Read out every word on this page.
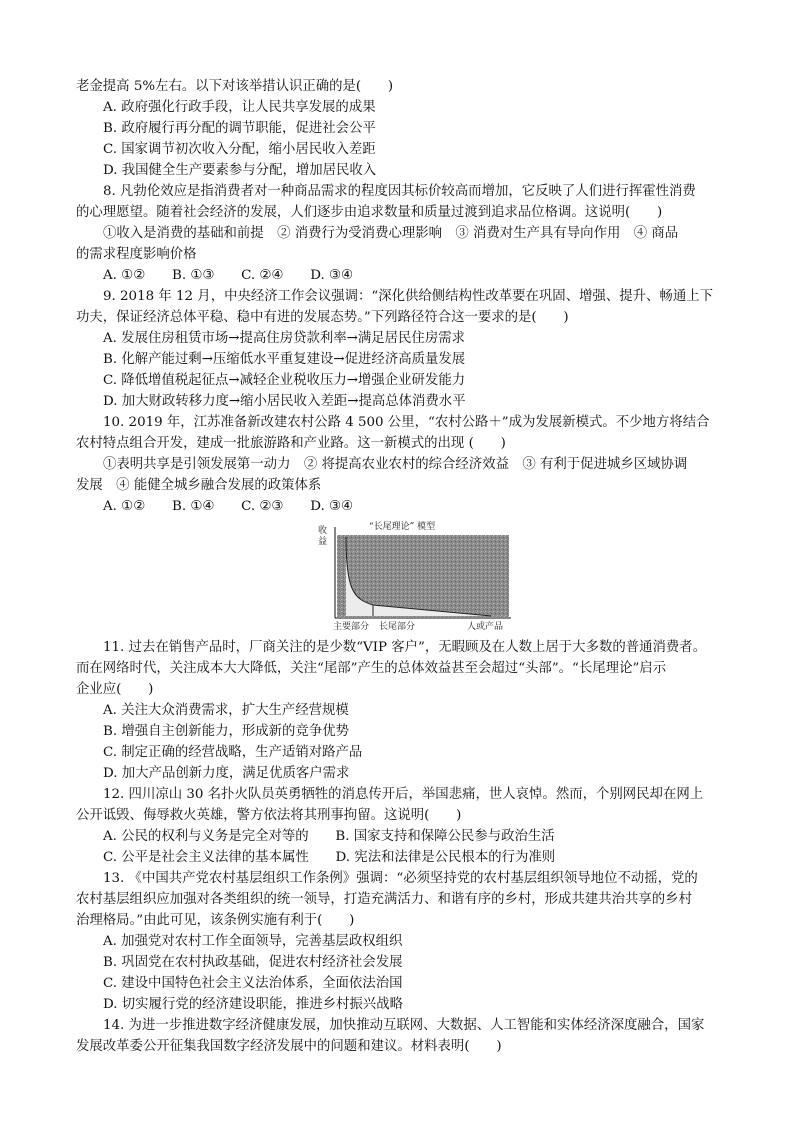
老金提高 5%左右。以下对该举措认识正确的是(　　)
A. 政府强化行政手段，让人民共享发展的成果
B. 政府履行再分配的调节职能，促进社会公平
C. 国家调节初次收入分配，缩小居民收入差距
D. 我国健全生产要素参与分配，增加居民收入
8. 凡勃伦效应是指消费者对一种商品需求的程度因其标价较高而增加，它反映了人们进行挥霍性消费
的心理愿望。随着社会经济的发展，人们逐步由追求数量和质量过渡到追求品位格调。这说明(　　)
①收入是消费的基础和前提　② 消费行为受消费心理影响　③ 消费对生产具有导向作用　④ 商品
的需求程度影响价格
A. ①②　　B. ①③　　C. ②④　　D. ③④
9. 2018 年 12 月，中央经济工作会议强调：“深化供给侧结构性改革要在巩固、增强、提升、畅通上下
功夫，保证经济总体平稳、稳中有进的发展态势。”下列路径符合这一要求的是(　　)
A. 发展住房租赁市场→提高住房贷款利率→满足居民住房需求
B. 化解产能过剩→压缩低水平重复建设→促进经济高质量发展
C. 降低增值税起征点→减轻企业税收压力→增强企业研发能力
D. 加大财政转移力度→缩小居民收入差距→提高总体消费水平
10. 2019 年，江苏准备新改建农村公路 4 500 公里，“农村公路＋”成为发展新模式。不少地方将结合
农村特点组合开发，建成一批旅游路和产业路。这一新模式的出现 (　　)
①表明共享是引领发展第一动力　② 将提高农业农村的综合经济效益　③ 有利于促进城乡区域协调
发展　④ 能健全城乡融合发展的政策体系
A. ①②　　B. ①④　　C. ②③　　D. ③④
“长尾理论” 模型
收
益
主要部分 长尾部分	人或产品
11. 过去在销售产品时，厂商关注的是少数“VIP 客户”，无暇顾及在人数上居于大多数的普通消费者。
而在网络时代，关注成本大大降低，关注“尾部”产生的总体效益甚至会超过“头部”。“长尾理论”启示
企业应(　　)
A. 关注大众消费需求，扩大生产经营规模
B. 增强自主创新能力，形成新的竞争优势
C. 制定正确的经营战略，生产适销对路产品
D. 加大产品创新力度，满足优质客户需求
12. 四川凉山 30 名扑火队员英勇牺牲的消息传开后，举国悲痛，世人哀悼。然而，个别网民却在网上
公开诋毁、侮辱救火英雄，警方依法将其刑事拘留。这说明(　　)
A. 公民的权利与义务是完全对等的　　B. 国家支持和保障公民参与政治生活
C. 公平是社会主义法律的基本属性　　D. 宪法和法律是公民根本的行为准则
13. 《中国共产党农村基层组织工作条例》强调：“必须坚持党的农村基层组织领导地位不动摇，党的
农村基层组织应加强对各类组织的统一领导，打造充满活力、和谐有序的乡村，形成共建共治共享的乡村
治理格局。”由此可见，该条例实施有利于(　　)
A. 加强党对农村工作全面领导，完善基层政权组织
B. 巩固党在农村执政基础，促进农村经济社会发展
C. 建设中国特色社会主义法治体系，全面依法治国
D. 切实履行党的经济建设职能，推进乡村振兴战略
14. 为进一步推进数字经济健康发展，加快推动互联网、大数据、人工智能和实体经济深度融合，国家
发展改革委公开征集我国数字经济发展中的问题和建议。材料表明(　　)
